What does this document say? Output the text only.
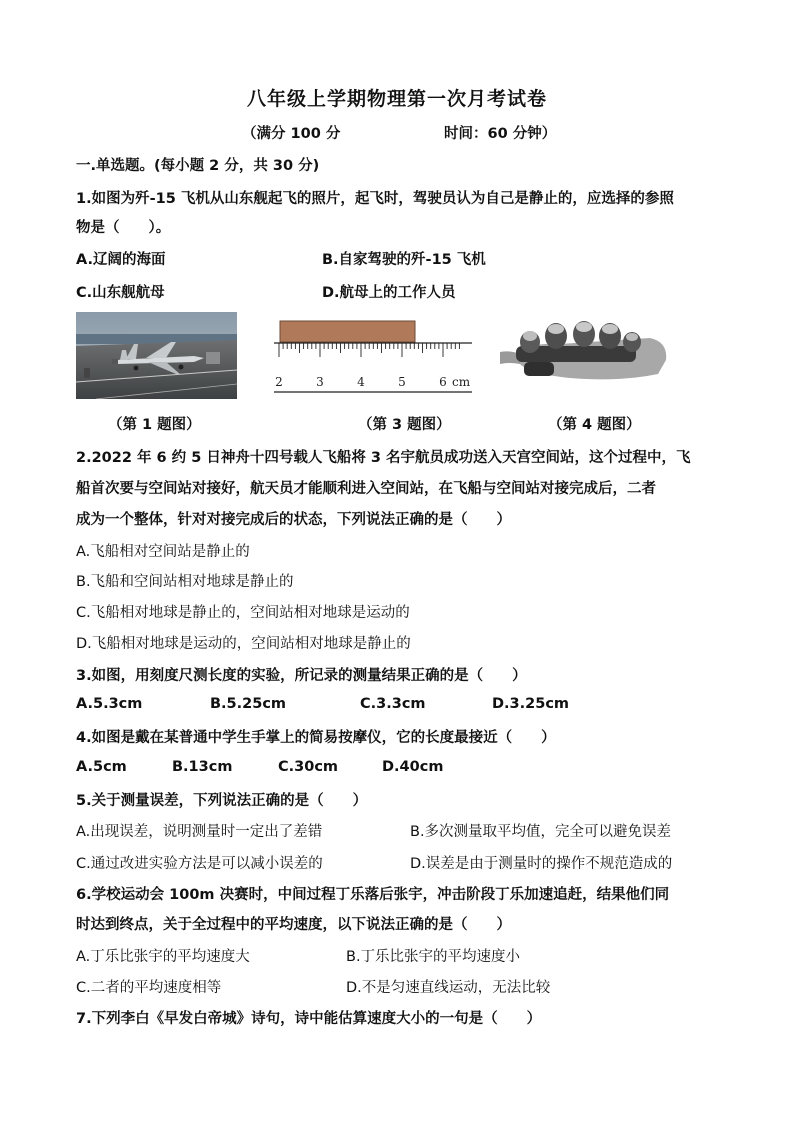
八年级上学期物理第一次月考试卷
（满分 100 分	时间：60 分钟）
一.单选题。(每小题 2 分，共 30 分)
1.如图为歼-15 飞机从山东舰起飞的照片，起飞时，驾驶员认为自己是静止的，应选择的参照
物是（　　）。
A.辽阔的海面	B.自家驾驶的歼-15 飞机
C.山东舰航母	D.航母上的工作人员
2	3	4	5	6 cm
（第 1 题图）	（第 3 题图）	（第 4 题图）
2.2022 年 6 约 5 日神舟十四号载人飞船将 3 名宇航员成功送入天宫空间站，这个过程中，飞
船首次要与空间站对接好，航天员才能顺利进入空间站，在飞船与空间站对接完成后，二者
成为一个整体，针对对接完成后的状态，下列说法正确的是（　　）
A.飞船相对空间站是静止的
B.飞船和空间站相对地球是静止的
C.飞船相对地球是静止的，空间站相对地球是运动的
D.飞船相对地球是运动的，空间站相对地球是静止的
3.如图，用刻度尺测长度的实验，所记录的测量结果正确的是（　　）
A.5.3cm	B.5.25cm	C.3.3cm	D.3.25cm
4.如图是戴在某普通中学生手掌上的简易按摩仪，它的长度最接近（　　）
A.5cm	B.13cm	C.30cm	D.40cm
5.关于测量误差，下列说法正确的是（　　）
A.出现误差，说明测量时一定出了差错	B.多次测量取平均值，完全可以避免误差
C.通过改进实验方法是可以减小误差的	D.误差是由于测量时的操作不规范造成的
6.学校运动会 100m 决赛时，中间过程丁乐落后张宇，冲击阶段丁乐加速追赶，结果他们同
时达到终点，关于全过程中的平均速度，以下说法正确的是（　　）
A.丁乐比张宇的平均速度大	B.丁乐比张宇的平均速度小
C.二者的平均速度相等	D.不是匀速直线运动，无法比较
7.下列李白《早发白帝城》诗句，诗中能估算速度大小的一句是（　　）
